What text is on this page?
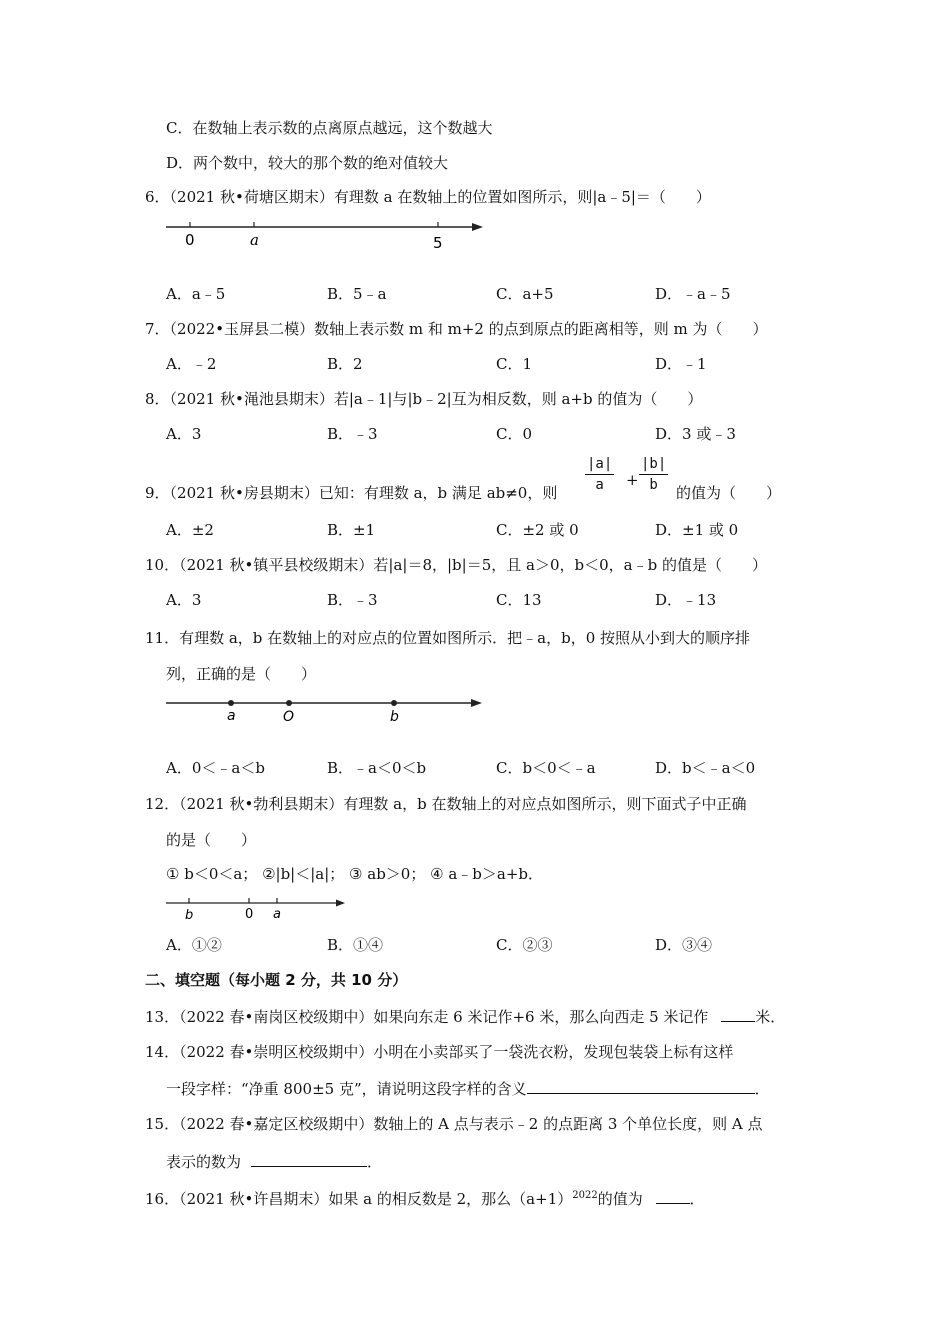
C．在数轴上表示数的点离原点越远，这个数越大
D．两个数中，较大的那个数的绝对值较大
6．（2021 秋•荷塘区期末）有理数 a 在数轴上的位置如图所示，则|a﹣5|＝（　　）
0	a	5
A．a﹣5	B．5﹣a	C．a+5	D．﹣a﹣5
7．（2022•玉屏县二模）数轴上表示数 m 和 m+2 的点到原点的距离相等，则 m 为（　　）
A．﹣2	B．2	C．1	D．﹣1
8．（2021 秋•渑池县期末）若|a﹣1|与|b﹣2|互为相反数，则 a+b 的值为（　　）
A．3	B．﹣3	C．0	D．3 或﹣3
9．（2021 秋•房县期末）已知：有理数 a，b 满足 ab≠0，则
|a|
a	+
|b|
b	的值为（　　）
A．±2	B．±1	C．±2 或 0	D．±1 或 0
10．（2021 秋•镇平县校级期末）若|a|＝8，|b|＝5，且 a＞0，b＜0，a﹣b 的值是（　　）
A．3	B．﹣3	C．13	D．﹣13
11．有理数 a，b 在数轴上的对应点的位置如图所示．把﹣a，b，0 按照从小到大的顺序排
列，正确的是（　　）
a	O	b
A．0＜﹣a＜b	B．﹣a＜0＜b	C．b＜0＜﹣a	D．b＜﹣a＜0
12．（2021 秋•勃利县期末）有理数 a，b 在数轴上的对应点如图所示，则下面式子中正确
的是（　　）
① b＜0＜a； ②|b|＜|a|； ③ ab＞0； ④ a﹣b＞a+b．
b	0 a
A．①②	B．①④	C．②③	D．③④
二、填空题（每小题 2 分，共 10 分）
13．（2022 春•南岗区校级期中）如果向东走 6 米记作+6 米，那么向西走 5 米记作	米．
14．（2022 春•崇明区校级期中）小明在小卖部买了一袋洗衣粉，发现包装袋上标有这样
一段字样：“净重 800±5 克”，请说明这段字样的含义	．
15．（2022 春•嘉定区校级期中）数轴上的 A 点与表示﹣2 的点距离 3 个单位长度，则 A 点
表示的数为	．
16．（2021 秋•许昌期末）如果 a 的相反数是 2，那么$(a+1)^{2022}$的值为	．
